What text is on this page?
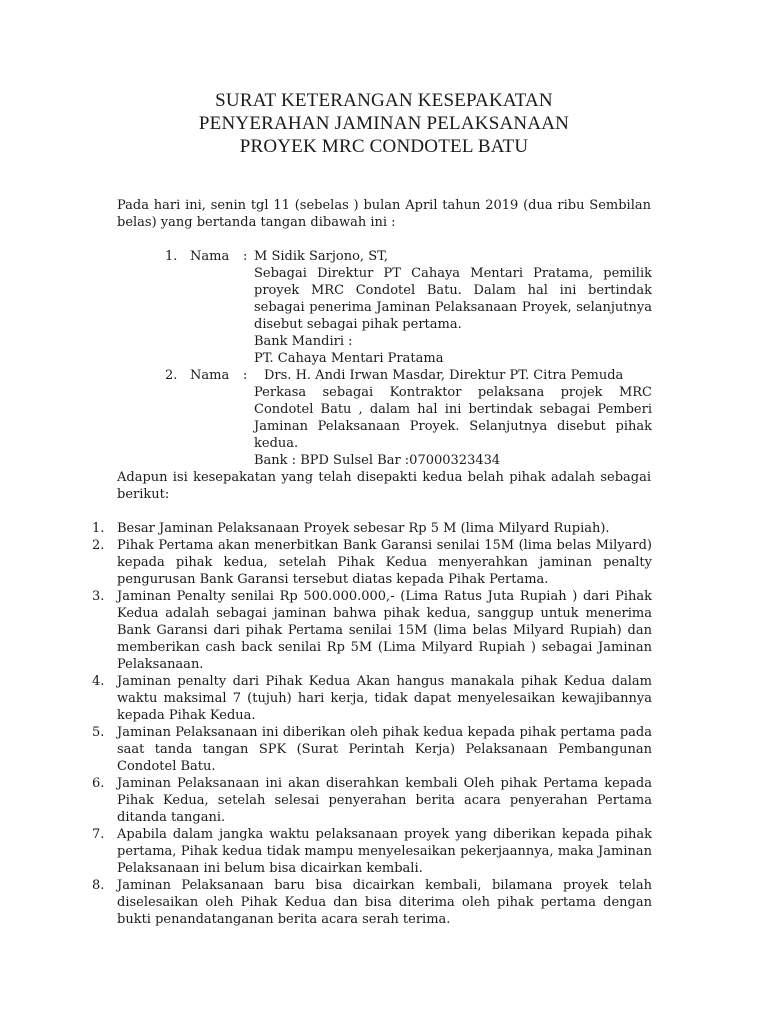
SURAT KETERANGAN KESEPAKATAN
PENYERAHAN JAMINAN PELAKSANAAN
PROYEK MRC CONDOTEL BATU
Pada hari ini, senin tgl 11 (sebelas ) bulan April tahun 2019 (dua ribu Sembilan belas) yang bertanda tangan dibawah ini :
1. Nama : M Sidik Sarjono, ST,
Sebagai Direktur PT Cahaya Mentari Pratama, pemilik proyek MRC Condotel Batu. Dalam hal ini bertindak sebagai penerima Jaminan Pelaksanaan Proyek, selanjutnya disebut sebagai pihak pertama.
Bank Mandiri :
PT. Cahaya Mentari Pratama
2. Nama : Drs. H. Andi Irwan Masdar, Direktur PT. Citra Pemuda
Perkasa sebagai Kontraktor pelaksana projek MRC Condotel Batu , dalam hal ini bertindak sebagai Pemberi Jaminan Pelaksanaan Proyek. Selanjutnya disebut pihak kedua.
Bank : BPD Sulsel Bar :07000323434
Adapun isi kesepakatan yang telah disepakti kedua belah pihak adalah sebagai berikut:
1. Besar Jaminan Pelaksanaan Proyek sebesar Rp 5 M (lima Milyard Rupiah).
2. Pihak Pertama akan menerbitkan Bank Garansi senilai 15M (lima belas Milyard) kepada pihak kedua, setelah Pihak Kedua menyerahkan jaminan penalty pengurusan Bank Garansi tersebut diatas kepada Pihak Pertama.
3. Jaminan Penalty senilai Rp 500.000.000,- (Lima Ratus Juta Rupiah ) dari Pihak Kedua adalah sebagai jaminan bahwa pihak kedua, sanggup untuk menerima Bank Garansi dari pihak Pertama senilai 15M (lima belas Milyard Rupiah) dan memberikan cash back senilai Rp 5M (Lima Milyard Rupiah ) sebagai Jaminan Pelaksanaan.
4. Jaminan penalty dari Pihak Kedua Akan hangus manakala pihak Kedua dalam waktu maksimal 7 (tujuh) hari kerja, tidak dapat menyelesaikan kewajibannya kepada Pihak Kedua.
5. Jaminan Pelaksanaan ini diberikan oleh pihak kedua kepada pihak pertama pada saat tanda tangan SPK (Surat Perintah Kerja) Pelaksanaan Pembangunan Condotel Batu.
6. Jaminan Pelaksanaan ini akan diserahkan kembali Oleh pihak Pertama kepada Pihak Kedua, setelah selesai penyerahan berita acara penyerahan Pertama ditanda tangani.
7. Apabila dalam jangka waktu pelaksanaan proyek yang diberikan kepada pihak pertama, Pihak kedua tidak mampu menyelesaikan pekerjaannya, maka Jaminan Pelaksanaan ini belum bisa dicairkan kembali.
8. Jaminan Pelaksanaan baru bisa dicairkan kembali, bilamana proyek telah diselesaikan oleh Pihak Kedua dan bisa diterima oleh pihak pertama dengan bukti penandatanganan berita acara serah terima.
